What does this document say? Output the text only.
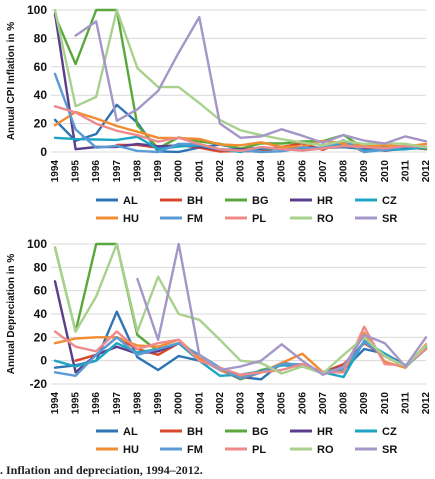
Annual CPI Inflation in %
0
20
40
60
80
100
1994 1995 1996 1997 1998 1999 2000 2001 2002 2003 2004 2005 2006 2007 2008 2009 2010 2011 2012
AL	BH	BG	HR	CZ
HU	FM	PL	RO	SR
Annual Depreciation in %
-20
0
20
40
60
80
100
1994 1995 1996 1997 1998 1999 2000 2001 2002 2003 2004 2005 2006 2007 2008 2009 2010 2011 2012
AL	BH	BG	HR	CZ
HU	FM	PL	RO	SR
. Inflation and depreciation, 1994–2012.
